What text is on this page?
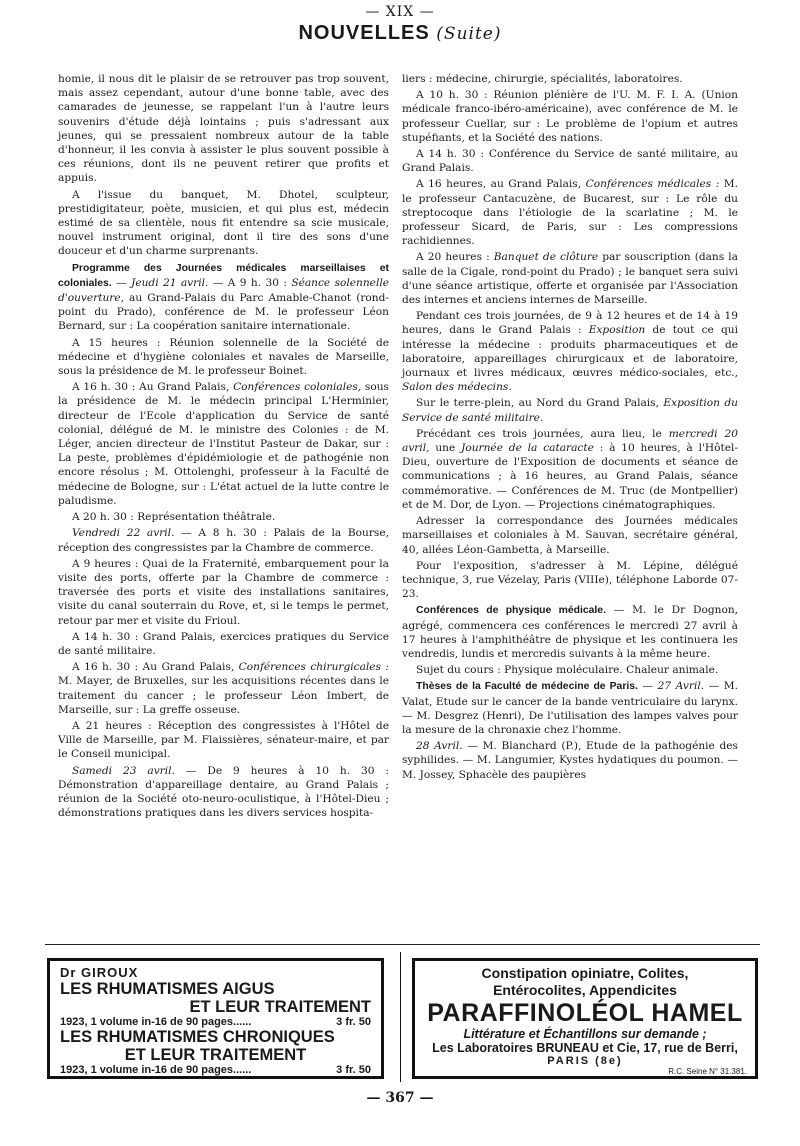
— XIX —
NOUVELLES (Suite)

homie, il nous dit le plaisir de se retrouver pas trop souvent, mais assez cependant, autour d'une bonne table, avec des camarades de jeunesse, se rappelant l'un à l'autre leurs souvenirs d'étude déjà lointains ; puis s'adressant aux jeunes, qui se pressaient nombreux autour de la table d'honneur, il les convia à assister le plus souvent possible à ces réunions, dont ils ne peuvent retirer que profits et appuis.

A l'issue du banquet, M. Dhotel, sculpteur, prestidigitateur, poète, musicien, et qui plus est, médecin estimé de sa clientèle, nous fit entendre sa scie musicale, nouvel instrument original, dont il tire des sons d'une douceur et d'un charme surprenants.

Programme des Journées médicales marseillaises et coloniales. — Jeudi 21 avril. — A 9 h. 30 : Séance solennelle d'ouverture, au Grand-Palais du Parc Amable-Chanot (rond-point du Prado), conférence de M. le professeur Léon Bernard, sur : La coopération sanitaire internationale.

A 15 heures : Réunion solennelle de la Société de médecine et d'hygiène coloniales et navales de Marseille, sous la présidence de M. le professeur Boinet.

A 16 h. 30 : Au Grand Palais, Conférences coloniales, sous la présidence de M. le médecin principal L'Herminier, directeur de l'Ecole d'application du Service de santé colonial, délégué de M. le ministre des Colonies : de M. Léger, ancien directeur de l'Institut Pasteur de Dakar, sur : La peste, problèmes d'épidémiologie et de pathogénie non encore résolus ; M. Ottolenghi, professeur à la Faculté de médecine de Bologne, sur : L'état actuel de la lutte contre le paludisme.

A 20 h. 30 : Représentation théâtrale.

Vendredi 22 avril. — A 8 h. 30 : Palais de la Bourse, réception des congressistes par la Chambre de commerce.

A 9 heures : Quai de la Fraternité, embarquement pour la visite des ports, offerte par la Chambre de commerce : traversée des ports et visite des installations sanitaires, visite du canal souterrain du Rove, et, si le temps le permet, retour par mer et visite du Frioul.

A 14 h. 30 : Grand Palais, exercices pratiques du Service de santé militaire.

A 16 h. 30 : Au Grand Palais, Conférences chirurgicales : M. Mayer, de Bruxelles, sur les acquisitions récentes dans le traitement du cancer ; le professeur Léon Imbert, de Marseille, sur : La greffe osseuse.

A 21 heures : Réception des congressistes à l'Hôtel de Ville de Marseille, par M. Flaissières, sénateur-maire, et par le Conseil municipal.

Samedi 23 avril. — De 9 heures à 10 h. 30 : Démonstration d'appareillage dentaire, au Grand Palais ; réunion de la Société oto-neuro-oculistique, à l'Hôtel-Dieu ; démonstrations pratiques dans les divers services hospita-

liers : médecine, chirurgie, spécialités, laboratoires.

A 10 h. 30 : Réunion plénière de l'U. M. F. I. A. (Union médicale franco-ibéro-américaine), avec conférence de M. le professeur Cuellar, sur : Le problème de l'opium et autres stupéfiants, et la Société des nations.

A 14 h. 30 : Conférence du Service de santé militaire, au Grand Palais.

A 16 heures, au Grand Palais, Conférences médicales : M. le professeur Cantacuzène, de Bucarest, sur : Le rôle du streptocoque dans l'étiologie de la scarlatine ; M. le professeur Sicard, de Paris, sur : Les compressions rachidiennes.

A 20 heures : Banquet de clôture par souscription (dans la salle de la Cigale, rond-point du Prado) ; le banquet sera suivi d'une séance artistique, offerte et organisée par l'Association des internes et anciens internes de Marseille.

Pendant ces trois journées, de 9 à 12 heures et de 14 à 19 heures, dans le Grand Palais : Exposition de tout ce qui intéresse la médecine : produits pharmaceutiques et de laboratoire, appareillages chirurgicaux et de laboratoire, journaux et livres médicaux, œuvres médico-sociales, etc., Salon des médecins.

Sur le terre-plein, au Nord du Grand Palais, Exposition du Service de santé militaire.

Précédant ces trois journées, aura lieu, le mercredi 20 avril, une Journée de la cataracte : à 10 heures, à l'Hôtel-Dieu, ouverture de l'Exposition de documents et séance de communications ; à 16 heures, au Grand Palais, séance commémorative. — Conférences de M. Truc (de Montpellier) et de M. Dor, de Lyon. — Projections cinématographiques.

Adresser la correspondance des Journées médicales marseillaises et coloniales à M. Sauvan, secrétaire général, 40, allées Léon-Gambetta, à Marseille.

Pour l'exposition, s'adresser à M. Lépine, délégué technique, 3, rue Vézelay, Paris (VIIIe), téléphone Laborde 07-23.

Conférences de physique médicale. — M. le Dr Dognon, agrégé, commencera ces conférences le mercredi 27 avril à 17 heures à l'amphithéâtre de physique et les continuera les vendredis, lundis et mercredis suivants à la même heure.

Sujet du cours : Physique moléculaire. Chaleur animale.

Thèses de la Faculté de médecine de Paris. — 27 Avril. — M. Valat, Etude sur le cancer de la bande ventriculaire du larynx. — M. Desgrez (Henri), De l'utilisation des lampes valves pour la mesure de la chronaxie chez l'homme.

28 Avril. — M. Blanchard (P.), Etude de la pathogénie des syphilides. — M. Langumier, Kystes hydatiques du poumon. — M. Jossey, Sphacèle des paupières

Dr GIROUX
LES RHUMATISMES AIGUS
ET LEUR TRAITEMENT
1923, 1 volume in-16 de 90 pages......	3 fr. 50
LES RHUMATISMES CHRONIQUES
ET LEUR TRAITEMENT
1923, 1 volume in-16 de 90 pages......	3 fr. 50
Constipation opiniatre, Colites,
Entérocolites, Appendicites
PARAFFINOLÉOL HAMEL
Littérature et Échantillons sur demande ;
Les Laboratoires BRUNEAU et Cie, 17, rue de Berri,
PARIS (8e)
R.C. Seine N° 31.381.
— 367 —
